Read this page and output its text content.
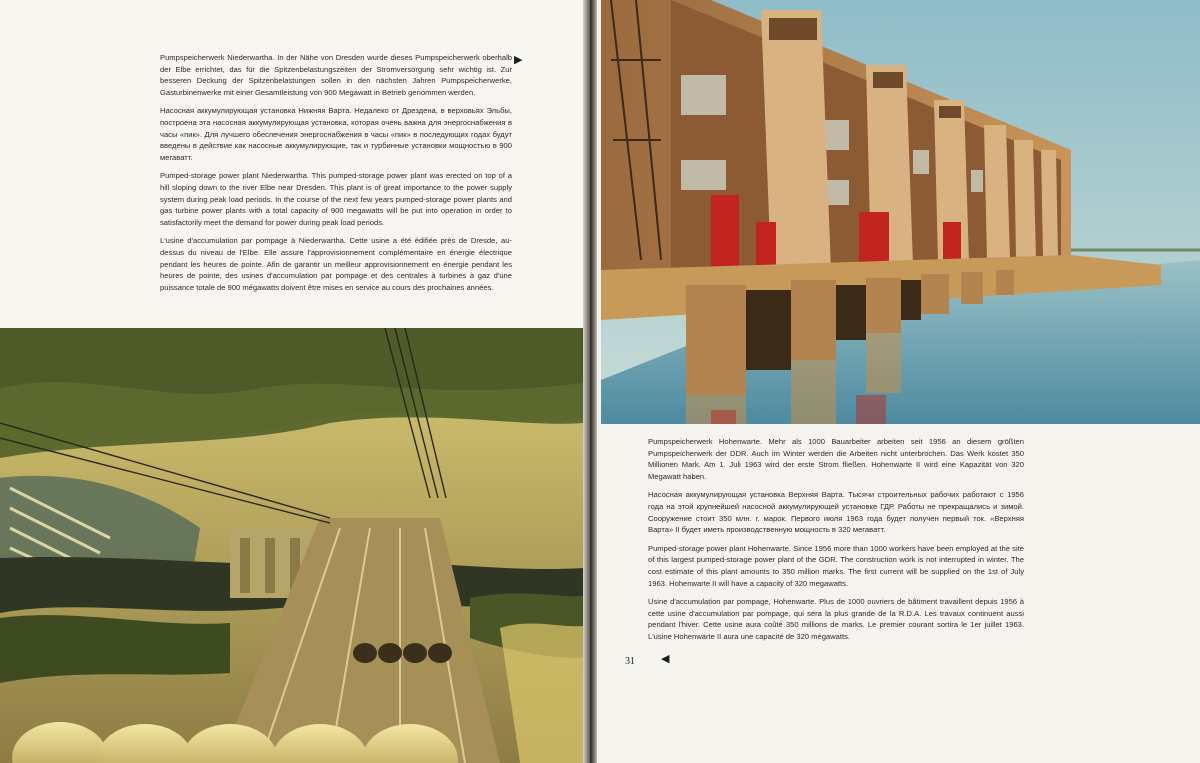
Pumpspeicherwerk Niederwartha. In der Nähe von Dresden wurde dieses Pumpspeicherwerk oberhalb der Elbe errichtet, das für die Spitzenbelastungszeiten der Stromversorgung sehr wichtig ist. Zur besseren Deckung der Spitzenbelastungen sollen in den nächsten Jahren Pumpspeicherwerke, Gasturbinenwerke mit einer Gesamtleistung von 900 Megawatt in Betrieb genommen werden.

Насосная аккумулирующая установка Нижняя Варта. Недалеко от Дрездена, в верховьях Эльбы, построена эта насосная аккумулирующая установка, которая очень важна для энергоснабжения в часы «пик». Для лучшего обеспечения энергоснабжения в часы «пик» в последующих годах будут введены в действие как насосные аккумулирующие, так и турбинные установки мощностью в 900 мегаватт.

Pumped-storage power plant Niederwartha. This pumped-storage power plant was erected on top of a hill sloping down to the river Elbe near Dresden. This plant is of great importance to the power supply system during peak load periods. In the course of the next few years pumped-storage power plants and gas turbine power plants with a total capacity of 900 megawatts will be put into operation in order to satisfactorily meet the demand for power during peak load periods.

L'usine d'accumulation par pompage à Niederwartha. Cette usine a été édifiée près de Dresde, au-dessus du niveau de l'Elbe. Elle assure l'approvisionnement complémentaire en énergie électrique pendant les heures de pointe. Afin de garantir un meilleur approvisionnement en énergie pendant les heures de pointe, des usines d'accumulation par pompage et des centrales à turbines à gaz d'une puissance totale de 900 mégawatts doivent être mises en service au cours des prochaines années.

▶

Pumpspeicherwerk Hohenwarte. Mehr als 1000 Bauarbeiter arbeiten seit 1956 an diesem größten Pumpspeicherwerk der DDR. Auch im Winter werden die Arbeiten nicht unterbrochen. Das Werk kostet 350 Millionen Mark. Am 1. Juli 1963 wird der erste Strom fließen. Hohenwarte II wird eine Kapazität von 320 Megawatt haben.

Насосная аккумулирующая установка Верхняя Варта. Тысячи строительных рабочих работают с 1956 года на этой крупнейшей насосной аккумулирующей установке ГДР. Работы не прекращались и зимой. Сооружение стоит 350 млн. г. марок. Первого июля 1963 года будет получен первый ток. «Верхняя Варта» II будет иметь производственную мощность в 320 мегаватт.

Pumped-storage power plant Hohenwarte. Since 1956 more than 1000 workers have been employed at the site of this largest pumped-storage power plant of the GDR. The construction work is not interrupted in winter. The cost estimate of this plant amounts to 350 million marks. The first current will be supplied on the 1st of July 1963. Hohenwarte II will have a capacity of 320 megawatts.

Usine d'accumulation par pompage, Hohenwarte. Plus de 1000 ouvriers de bâtiment travaillent depuis 1956 à cette usine d'accumulation par pompage, qui sera la plus grande de la R.D.A. Les travaux continuent aussi pendant l'hiver. Cette usine aura coûté 350 millions de marks. Le premier courant sortira le 1er juillet 1963. L'usine Hohenwarte II aura une capacité de 320 mégawatts.

◀
31
